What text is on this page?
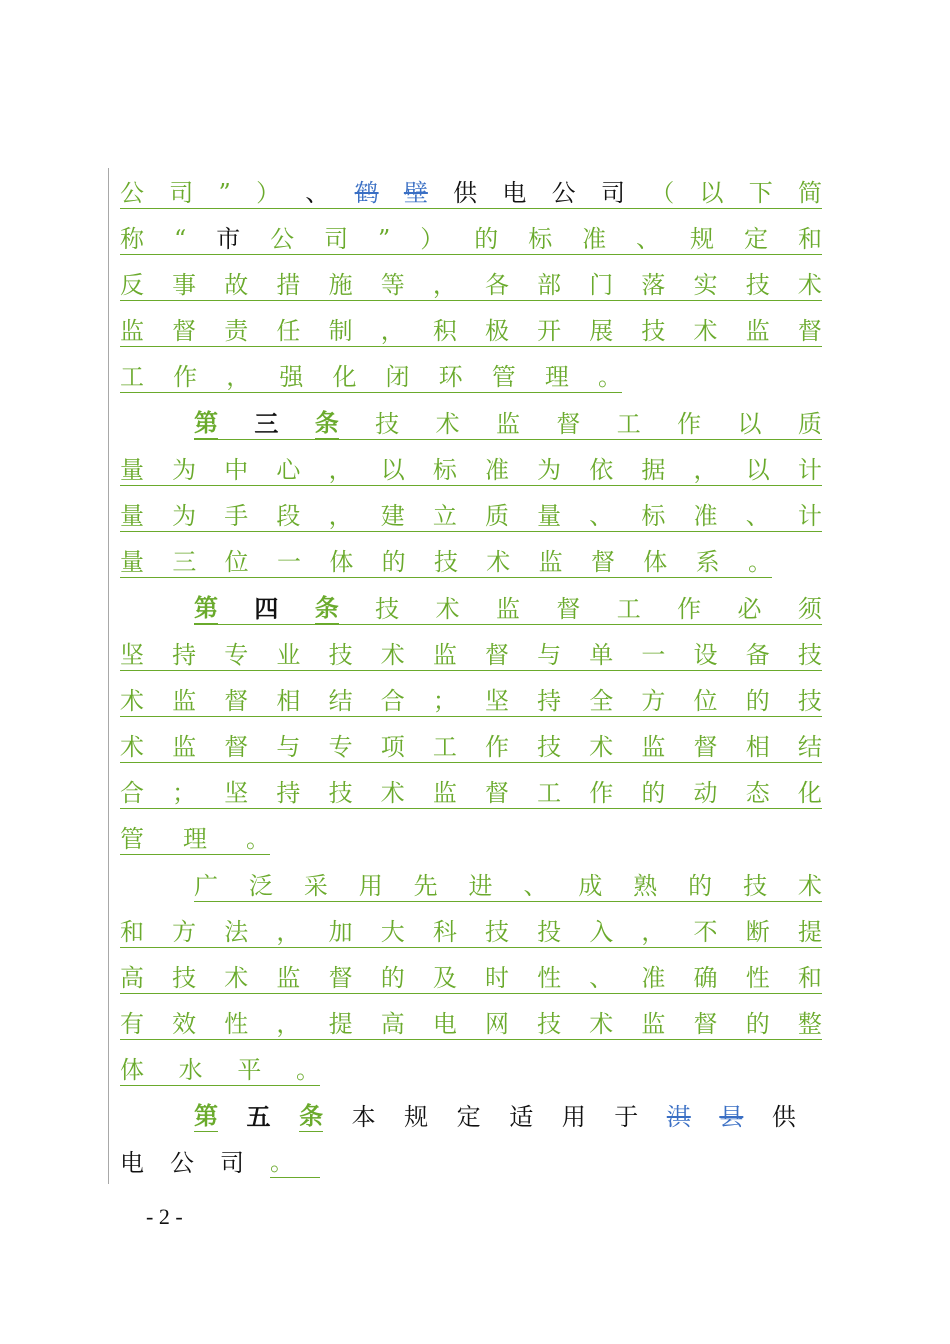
公 司 ” ） 、 鹤 壁 供 电 公 司 （ 以 下 简
称 “ 市 公 司 ” ） 的 标 准 、 规 定 和
反 事 故 措 施 等 ， 各 部 门 落 实 技 术
监 督 责 任 制 ， 积 极 开 展 技 术 监 督
工 作 ， 强 化 闭 环 管 理 。
第 三 条 技 术 监 督 工 作 以 质
量 为 中 心 ， 以 标 准 为 依 据 ， 以 计
量 为 手 段 ， 建 立 质 量 、 标 准 、 计
量 三 位 一 体 的 技 术 监 督 体 系 。
第 四 条 技 术 监 督 工 作 必 须
坚 持 专 业 技 术 监 督 与 单 一 设 备 技
术 监 督 相 结 合 ； 坚 持 全 方 位 的 技
术 监 督 与 专 项 工 作 技 术 监 督 相 结
合 ； 坚 持 技 术 监 督 工 作 的 动 态 化
管 理 。
广 泛 采 用 先 进 、 成 熟 的 技 术
和 方 法 ， 加 大 科 技 投 入 ， 不 断 提
高 技 术 监 督 的 及 时 性 、 准 确 性 和
有 效 性 ， 提 高 电 网 技 术 监 督 的 整
体 水 平 。
第 五 条 本 规 定 适 用 于 淇 县 供
电 公 司 。
- 2 -
